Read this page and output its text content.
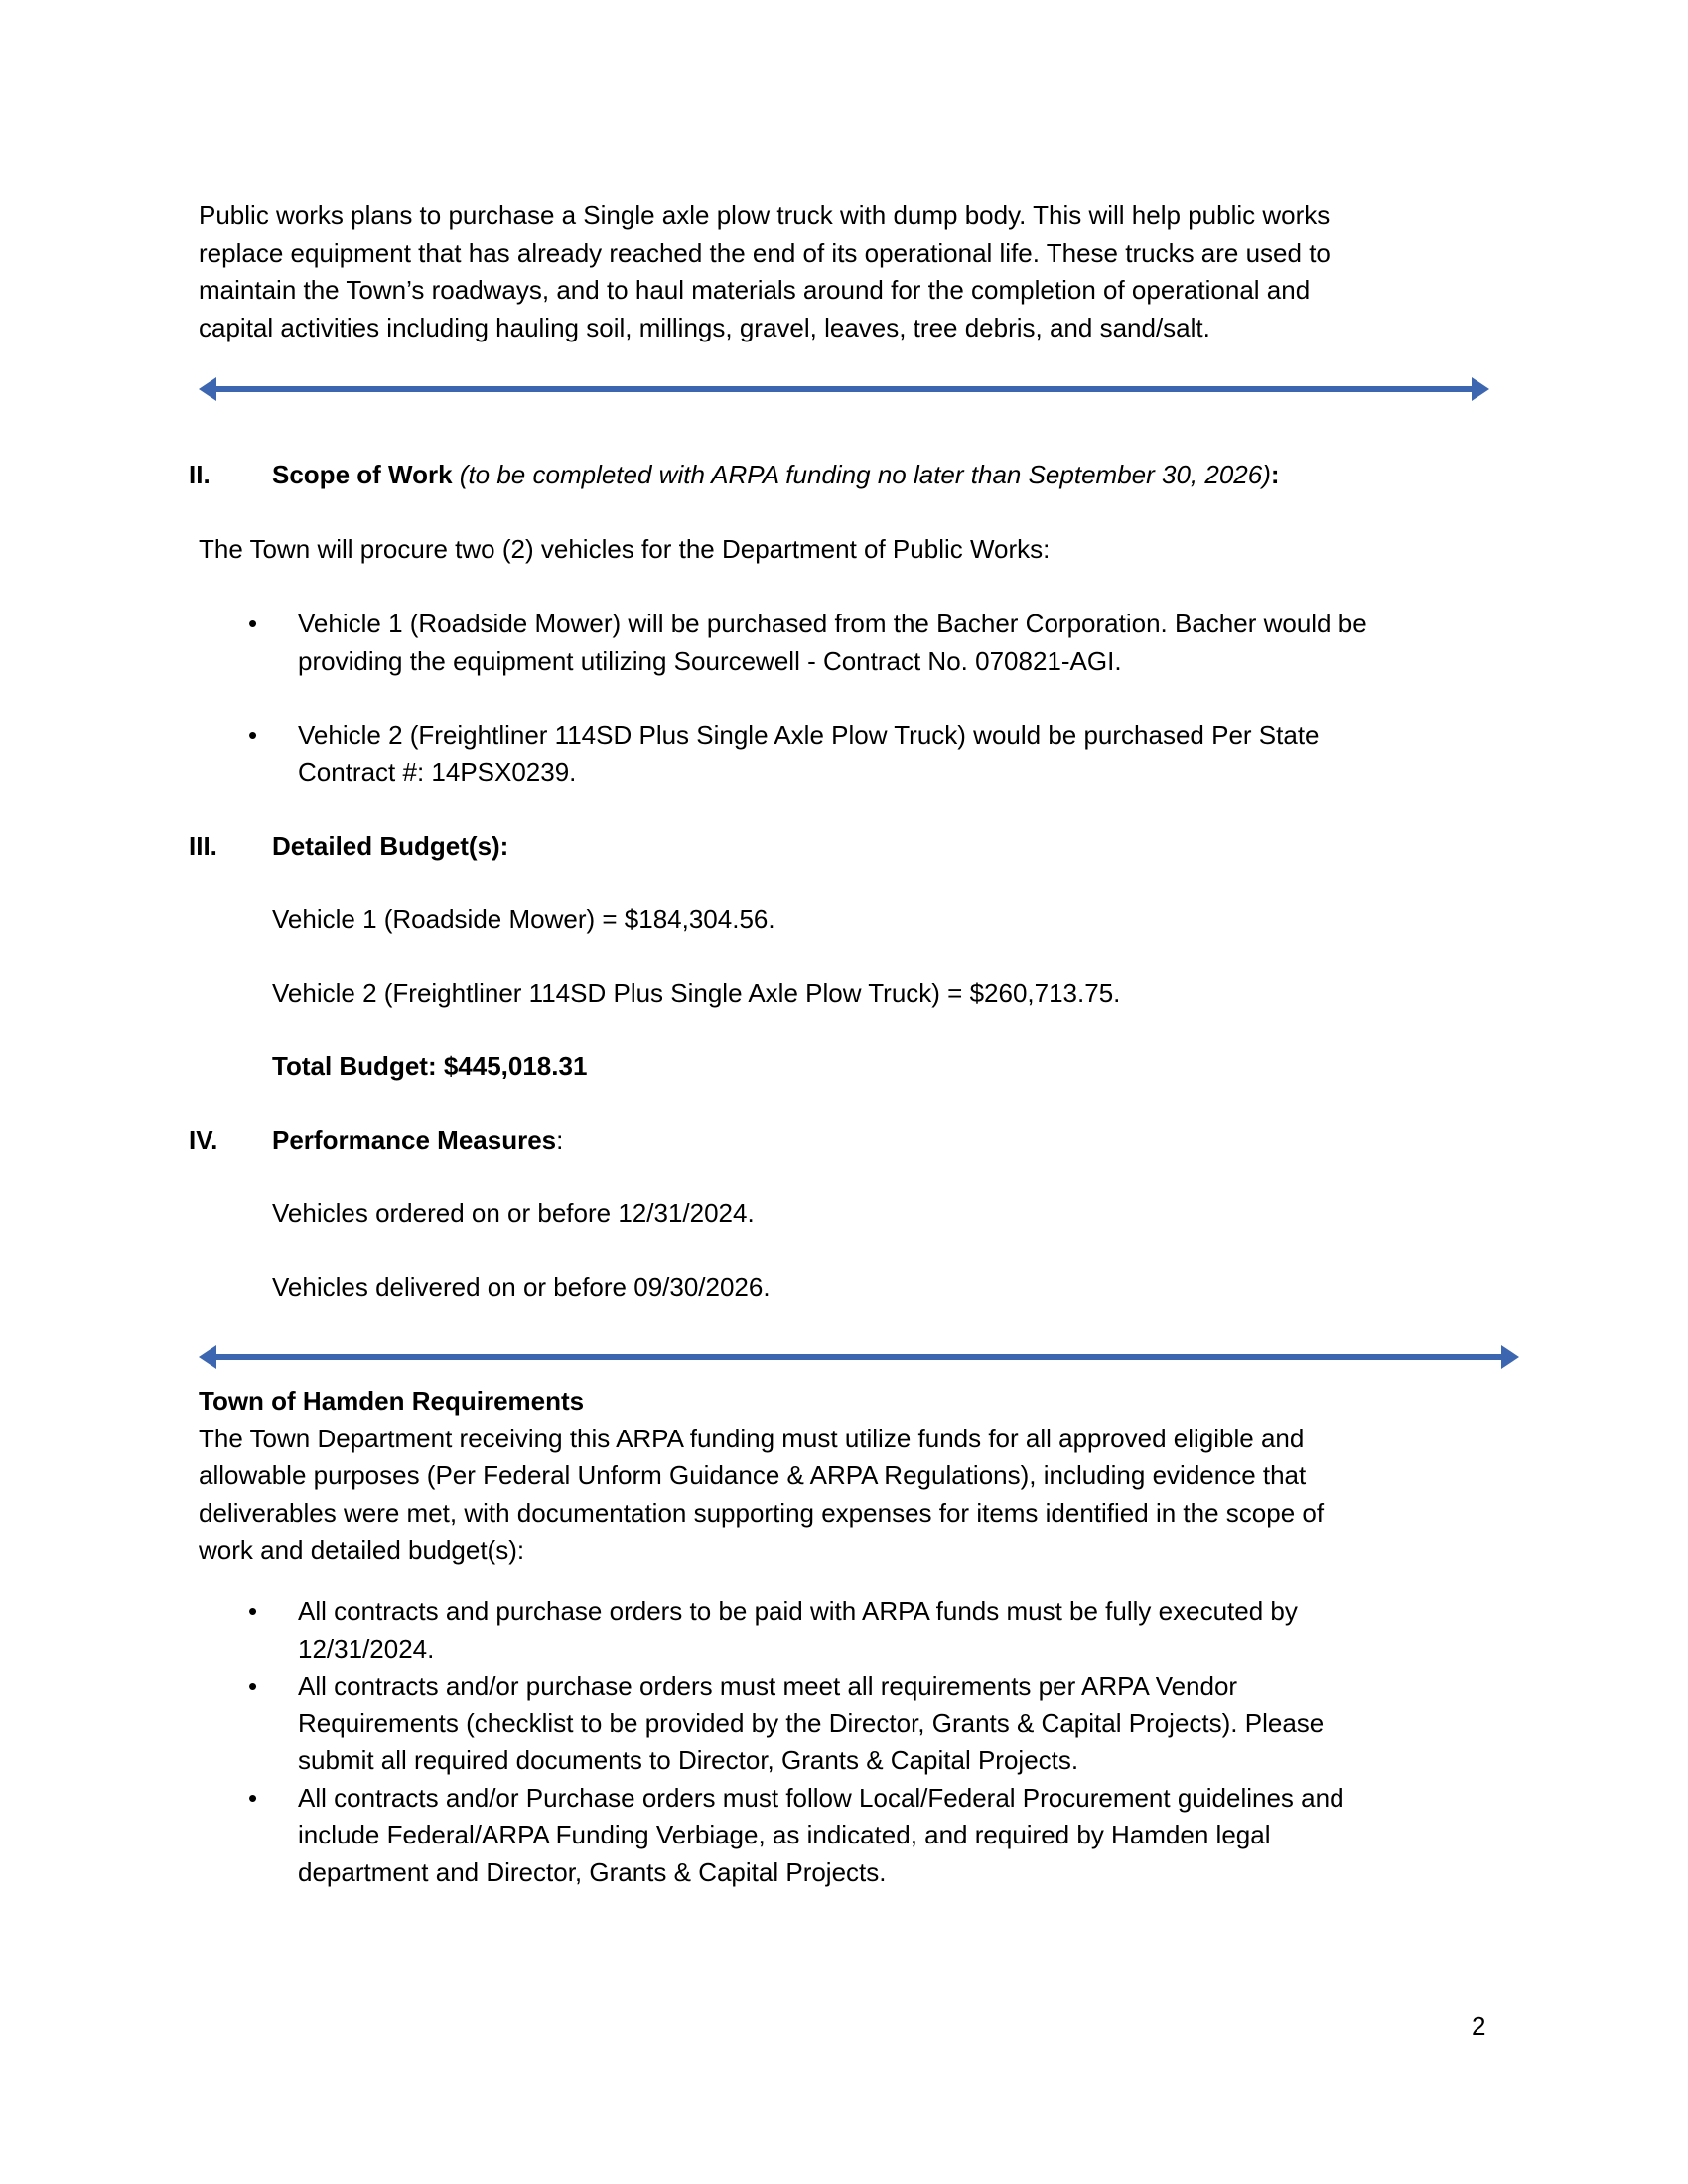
Public works plans to purchase a Single axle plow truck with dump body. This will help public works
replace equipment that has already reached the end of its operational life. These trucks are used to
maintain the Town’s roadways, and to haul materials around for the completion of operational and
capital activities including hauling soil, millings, gravel, leaves, tree debris, and sand/salt.
II. Scope of Work (to be completed with ARPA funding no later than September 30, 2026):
The Town will procure two (2) vehicles for the Department of Public Works:
• Vehicle 1 (Roadside Mower) will be purchased from the Bacher Corporation. Bacher would be
providing the equipment utilizing Sourcewell - Contract No. 070821-AGI.
• Vehicle 2 (Freightliner 114SD Plus Single Axle Plow Truck) would be purchased Per State
Contract #: 14PSX0239.
III. Detailed Budget(s):
Vehicle 1 (Roadside Mower) = $184,304.56.
Vehicle 2 (Freightliner 114SD Plus Single Axle Plow Truck) = $260,713.75.
Total Budget: $445,018.31
IV. Performance Measures:
Vehicles ordered on or before 12/31/2024.
Vehicles delivered on or before 09/30/2026.
Town of Hamden Requirements
The Town Department receiving this ARPA funding must utilize funds for all approved eligible and
allowable purposes (Per Federal Unform Guidance & ARPA Regulations), including evidence that
deliverables were met, with documentation supporting expenses for items identified in the scope of
work and detailed budget(s):
• All contracts and purchase orders to be paid with ARPA funds must be fully executed by
12/31/2024.
• All contracts and/or purchase orders must meet all requirements per ARPA Vendor
Requirements (checklist to be provided by the Director, Grants & Capital Projects). Please
submit all required documents to Director, Grants & Capital Projects.
• All contracts and/or Purchase orders must follow Local/Federal Procurement guidelines and
include Federal/ARPA Funding Verbiage, as indicated, and required by Hamden legal
department and Director, Grants & Capital Projects.
2
